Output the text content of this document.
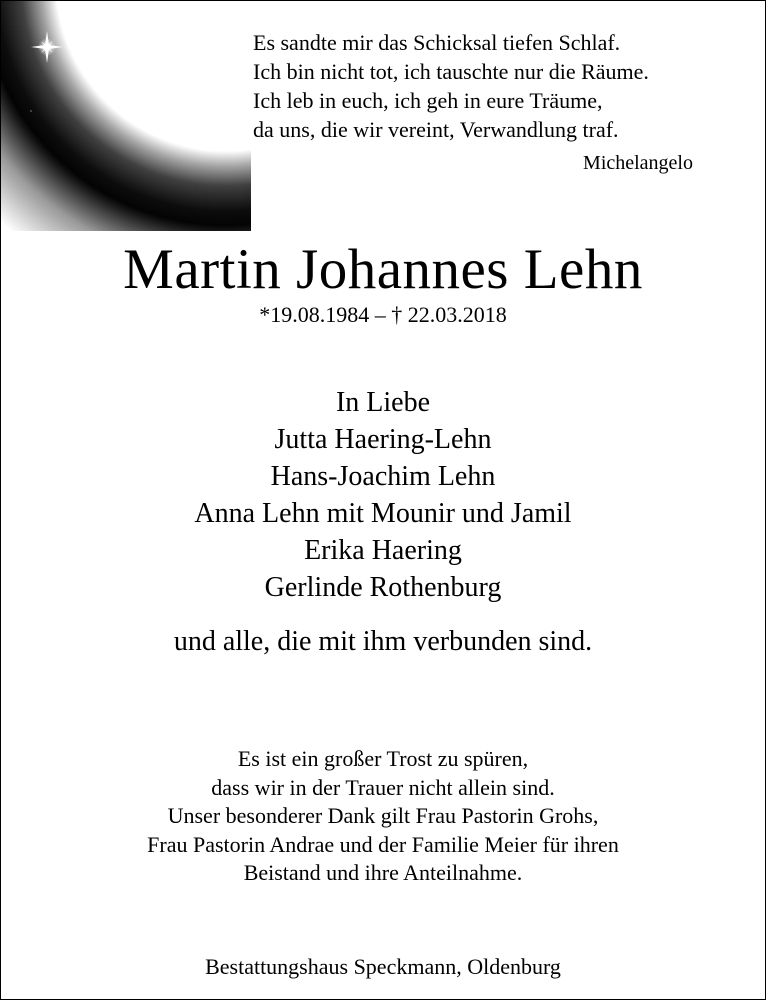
Es sandte mir das Schicksal tiefen Schlaf.
Ich bin nicht tot, ich tauschte nur die Räume.
Ich leb in euch, ich geh in eure Träume,
da uns, die wir vereint, Verwandlung traf.
Michelangelo
Martin Johannes Lehn
*19.08.1984 – † 22.03.2018
In Liebe
Jutta Haering-Lehn
Hans-Joachim Lehn
Anna Lehn mit Mounir und Jamil
Erika Haering
Gerlinde Rothenburg
und alle, die mit ihm verbunden sind.
Es ist ein großer Trost zu spüren,
dass wir in der Trauer nicht allein sind.
Unser besonderer Dank gilt Frau Pastorin Grohs,
Frau Pastorin Andrae und der Familie Meier für ihren
Beistand und ihre Anteilnahme.
Bestattungshaus Speckmann, Oldenburg
